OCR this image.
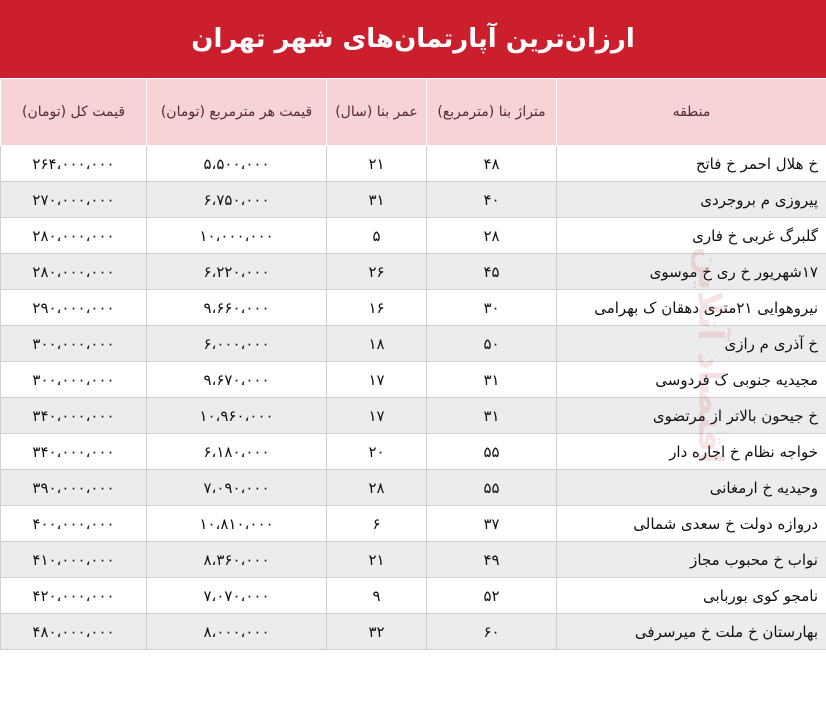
ارزان‌ترین آپارتمان‌های شهر تهران
منطقه	متراژ بنا (مترمربع)	عمر بنا (سال)	قیمت هر مترمربع (تومان)	قیمت کل (تومان)
خ هلال احمر خ فاتح	۴۸	۲۱	۵،۵۰۰،۰۰۰	۲۶۴،۰۰۰،۰۰۰
پیروزی م بروجردی	۴۰	۳۱	۶،۷۵۰،۰۰۰	۲۷۰،۰۰۰،۰۰۰
گلبرگ غربی خ فاری	۲۸	۵	۱۰،۰۰۰،۰۰۰	۲۸۰،۰۰۰،۰۰۰
۱۷شهریور خ ری خ موسوی	۴۵	۲۶	۶،۲۲۰،۰۰۰	۲۸۰،۰۰۰،۰۰۰
نیروهوایی ۲۱متری دهقان ک بهرامی	۳۰	۱۶	۹،۶۶۰،۰۰۰	۲۹۰،۰۰۰،۰۰۰
خ آذری م رازی	۵۰	۱۸	۶،۰۰۰،۰۰۰	۳۰۰،۰۰۰،۰۰۰
مجیدیه جنوبی ک فردوسی	۳۱	۱۷	۹،۶۷۰،۰۰۰	۳۰۰،۰۰۰،۰۰۰
خ جیحون بالاتر از مرتضوی	۳۱	۱۷	۱۰،۹۶۰،۰۰۰	۳۴۰،۰۰۰،۰۰۰
خواجه نظام خ اجاره دار	۵۵	۲۰	۶،۱۸۰،۰۰۰	۳۴۰،۰۰۰،۰۰۰
وحیدیه خ ارمغانی	۵۵	۲۸	۷،۰۹۰،۰۰۰	۳۹۰،۰۰۰،۰۰۰
دروازه دولت خ سعدی شمالی	۳۷	۶	۱۰،۸۱۰،۰۰۰	۴۰۰،۰۰۰،۰۰۰
نواب خ محبوب مجاز	۴۹	۲۱	۸،۳۶۰،۰۰۰	۴۱۰،۰۰۰،۰۰۰
نامجو کوی بوربابی	۵۲	۹	۷،۰۷۰،۰۰۰	۴۲۰،۰۰۰،۰۰۰
بهارستان خ ملت خ میرسرفی	۶۰	۳۲	۸،۰۰۰،۰۰۰	۴۸۰،۰۰۰،۰۰۰
آنلاین
